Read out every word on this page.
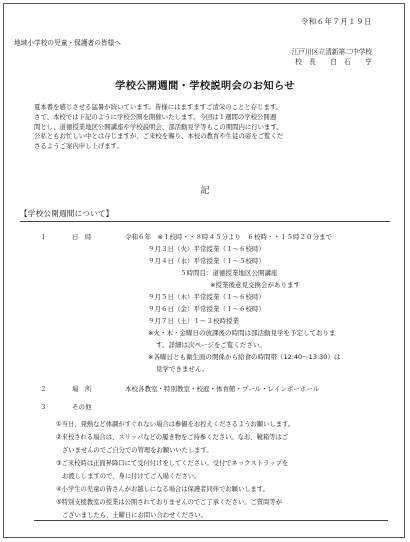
令和６年７月１９日
地域小学校の児童・保護者の皆様へ
江戸川区立清新第二中学校
校　長　　白　石　　亨
学校公開週間・学校説明会のお知らせ
夏本番を感じさせる猛暑が続いています。皆様にはますますご清栄のことと存じます。
さて、本校では下記のように学校公開を開催いたします。今回は１週間の学校公開週
間とし、道徳授業地区公開講座や学校説明会、部活動見学等もこの期間内に行います。
公私ともお忙しい中とは存じますが、ご来校を賜り、本校の教育や生徒の姿をご覧くだ
さるようご案内申し上げます。
記
【学校公開週間について】
１	日　時	令和６年　※１校時・・８時４５分より　６校時・・１５時２０分まで
９月３日（火）平常授業（１～６校時）
９月４日（水）平常授業（１～５校時）
５時間目：道徳授業地区公開講座
※授業後意見交換会があります
９月５日（木）平常授業（１～６校時）
９月６日（金）平常授業（１～６校時）
９月７日（土）１～３校時授業
※火・木・金曜日の放課後の時間は部活動見学を予定しておりま
す。詳細は次ページをご覧ください。
※各曜日とも衛生面の関係から給食の時間帯（12:40～13:30）は
見学できません。
２	場　所	本校各教室・特別教室・校庭・体育館・プール・レインボーホール
３	その他
①当日、発熱など体調がすぐれない場合は参観をお控えくださるようお願いします。
②来校される場合は、スリッパなどの履き物をご持参ください。なお、靴箱等はご
ざいませんのでご自分での管理をお願いいたします。
③ご来校時は正面昇降口にて受付付けをしてください。受付でネックストラップを
お渡ししますので、身に付けてご入場ください。
④小学生の児童の皆さんがお越しになる場合は保護者同伴でお願いします。
⑤特別支援教室の授業は公開されておりませんのでご了承ください。ご質問等が
ございましたら、土曜日にお問い合わせください。
